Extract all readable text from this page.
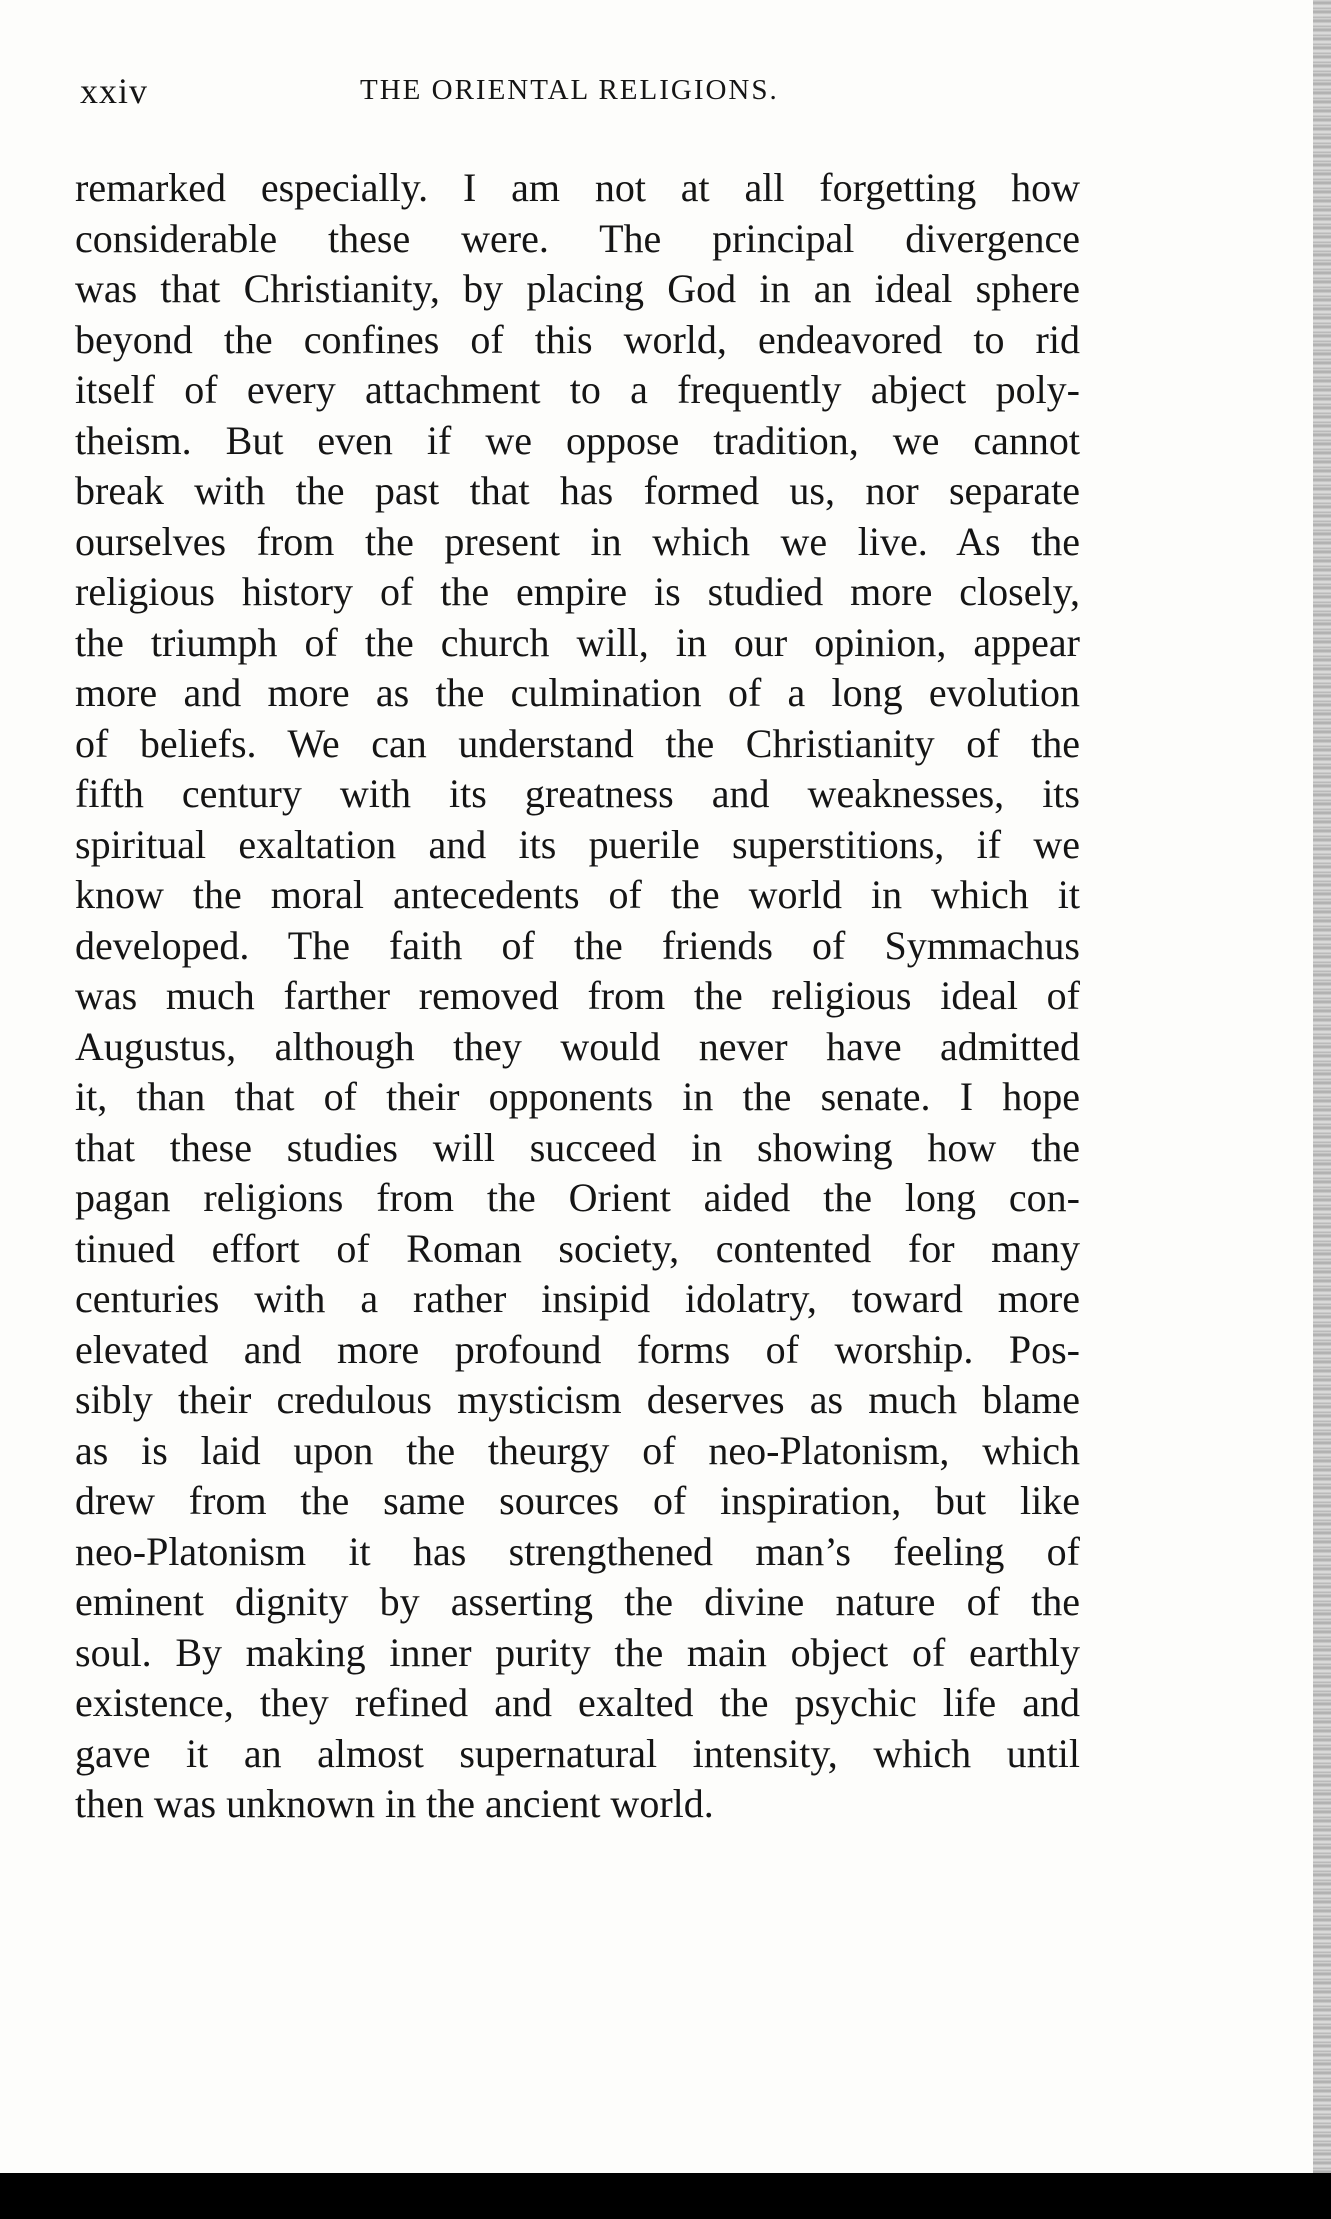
xxiv	THE ORIENTAL RELIGIONS.
remarked especially. I am not at all forgetting how
considerable these were. The principal divergence
was that Christianity, by placing God in an ideal sphere
beyond the confines of this world, endeavored to rid
itself of every attachment to a frequently abject poly-
theism. But even if we oppose tradition, we cannot
break with the past that has formed us, nor separate
ourselves from the present in which we live. As the
religious history of the empire is studied more closely,
the triumph of the church will, in our opinion, appear
more and more as the culmination of a long evolution
of beliefs. We can understand the Christianity of the
fifth century with its greatness and weaknesses, its
spiritual exaltation and its puerile superstitions, if we
know the moral antecedents of the world in which it
developed. The faith of the friends of Symmachus
was much farther removed from the religious ideal of
Augustus, although they would never have admitted
it, than that of their opponents in the senate. I hope
that these studies will succeed in showing how the
pagan religions from the Orient aided the long con-
tinued effort of Roman society, contented for many
centuries with a rather insipid idolatry, toward more
elevated and more profound forms of worship. Pos-
sibly their credulous mysticism deserves as much blame
as is laid upon the theurgy of neo-Platonism, which
drew from the same sources of inspiration, but like
neo-Platonism it has strengthened man’s feeling of
eminent dignity by asserting the divine nature of the
soul. By making inner purity the main object of earthly
existence, they refined and exalted the psychic life and
gave it an almost supernatural intensity, which until
then was unknown in the ancient world.
